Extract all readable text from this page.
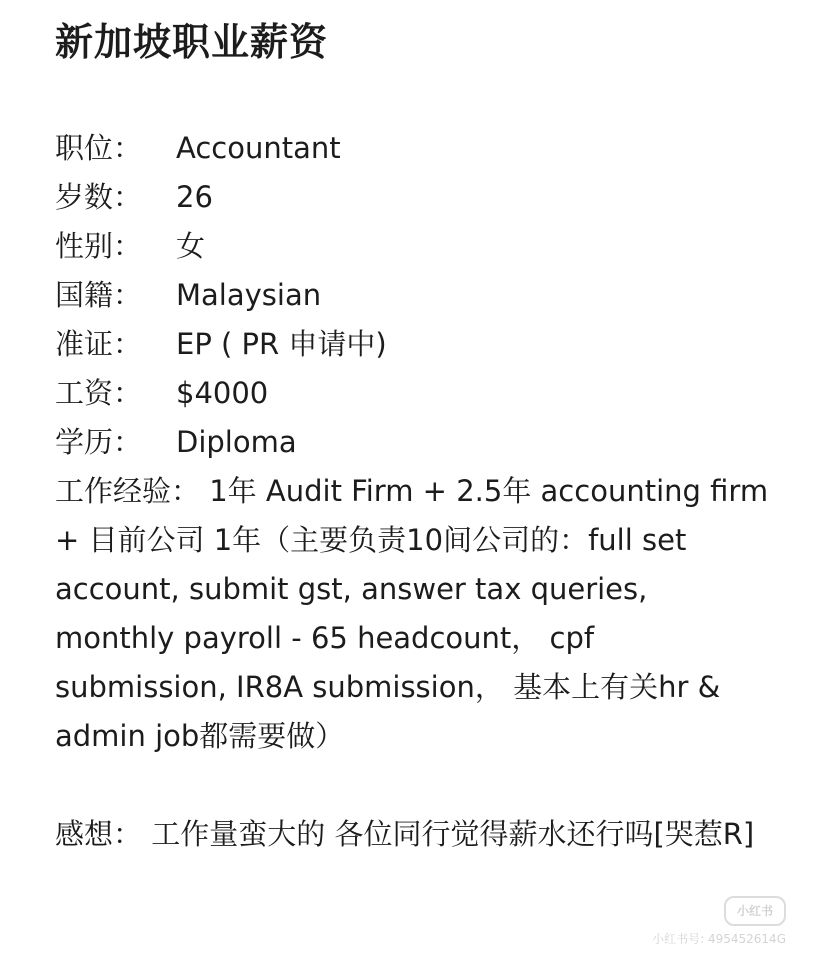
新加坡职业薪资
职位： Accountant
岁数： 26
性别： 女
国籍： Malaysian
准证： EP ( PR 申请中)
工资： $4000
学历： Diploma
工作经验： 1年 Audit Firm + 2.5年 accounting firm + 目前公司 1年（主要负责10间公司的：full set account, submit gst, answer tax queries, monthly payroll - 65 headcount， cpf submission, IR8A submission， 基本上有关hr & admin job都需要做）
感想： 工作量蛮大的 各位同行觉得薪水还行吗[哭惹R]
小红书
小红书号: 495452614G
